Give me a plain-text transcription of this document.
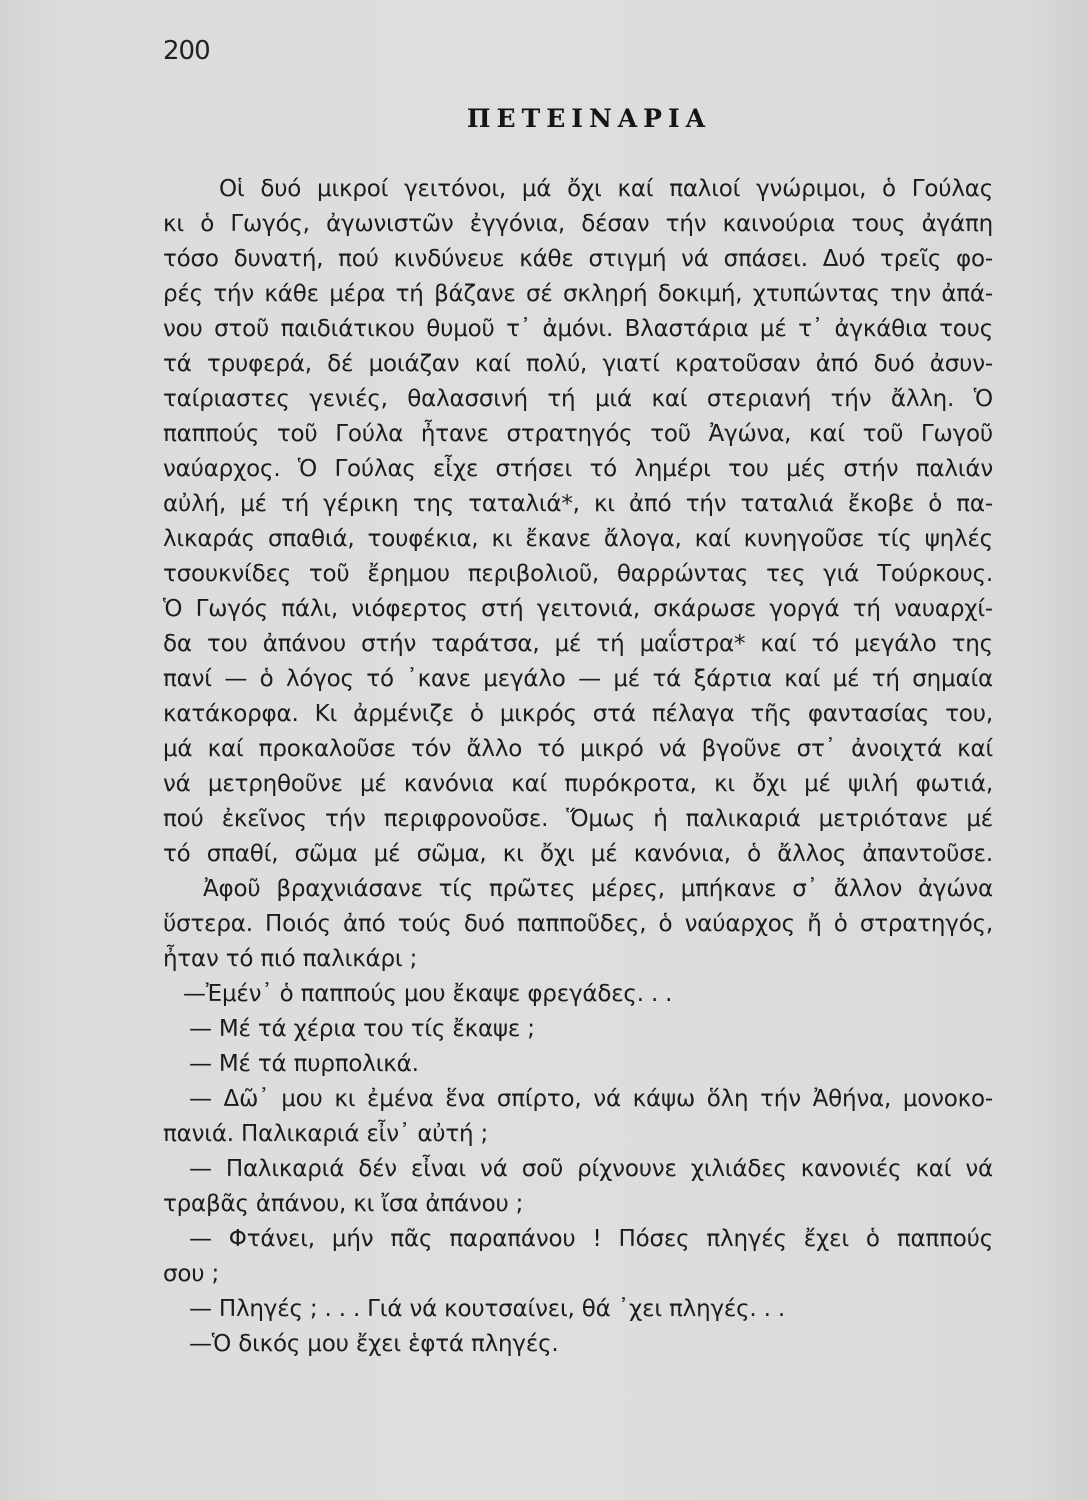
200
ΠΕΤΕΙΝΑΡΙΑ
Οἱ δυό μικροί γειτόνοι, μά ὄχι καί παλιοί γνώριμοι, ὁ Γούλας
κι ὁ Γωγός, ἀγωνιστῶν ἐγγόνια, δέσαν τήν καινούρια τους ἀγάπη
τόσο δυνατή, πού κινδύνευε κάθε στιγμή νά σπάσει. Δυό τρεῖς φο-
ρές τήν κάθε μέρα τή βάζανε σέ σκληρή δοκιμή, χτυπώντας την ἀπά-
νου στοῦ παιδιάτικου θυμοῦ τ᾽ ἀμόνι. Βλαστάρια μέ τ᾽ ἀγκάθια τους
τά τρυφερά, δέ μοιάζαν καί πολύ, γιατί κρατοῦσαν ἀπό δυό ἀσυν-
ταίριαστες γενιές, θαλασσινή τή μιά καί στεριανή τήν ἄλλη. Ὁ
παππούς τοῦ Γούλα ἦτανε στρατηγός τοῦ Ἀγώνα, καί τοῦ Γωγοῦ
ναύαρχος. Ὁ Γούλας εἶχε στήσει τό λημέρι του μές στήν παλιάν
αὐλή, μέ τή γέρικη της ταταλιά*, κι ἀπό τήν ταταλιά ἔκοβε ὁ πα-
λικαράς σπαθιά, τουφέκια, κι ἔκανε ἄλογα, καί κυνηγοῦσε τίς ψηλές
τσουκνίδες τοῦ ἔρημου περιβολιοῦ, θαρρώντας τες γιά Τούρκους.
Ὁ Γωγός πάλι, νιόφερτος στή γειτονιά, σκάρωσε γοργά τή ναυαρχί-
δα του ἀπάνου στήν ταράτσα, μέ τή μαΐστρα* καί τό μεγάλο της
πανί — ὁ λόγος τό ᾽κανε μεγάλο — μέ τά ξάρτια καί μέ τή σημαία
κατάκορφα. Κι ἀρμένιζε ὁ μικρός στά πέλαγα τῆς φαντασίας του,
μά καί προκαλοῦσε τόν ἄλλο τό μικρό νά βγοῦνε στ᾽ ἀνοιχτά καί
νά μετρηθοῦνε μέ κανόνια καί πυρόκροτα, κι ὄχι μέ ψιλή φωτιά,
πού ἐκεῖνος τήν περιφρονοῦσε. Ὅμως ἡ παλικαριά μετριότανε μέ
τό σπαθί, σῶμα μέ σῶμα, κι ὄχι μέ κανόνια, ὁ ἄλλος ἀπαντοῦσε.
Ἀφοῦ βραχνιάσανε τίς πρῶτες μέρες, μπήκανε σ᾽ ἄλλον ἀγώνα
ὕστερα. Ποιός ἀπό τούς δυό παπποῦδες, ὁ ναύαρχος ἤ ὁ στρατηγός,
ἦταν τό πιό παλικάρι ;
—Ἐμέν᾽ ὁ παππούς μου ἔκαψε φρεγάδες. . .
— Μέ τά χέρια του τίς ἔκαψε ;
— Μέ τά πυρπολικά.
— Δῶ᾽ μου κι ἐμένα ἕνα σπίρτο, νά κάψω ὅλη τήν Ἀθήνα, μονοκο-
πανιά. Παλικαριά εἶν᾽ αὐτή ;
— Παλικαριά δέν εἶναι νά σοῦ ρίχνουνε χιλιάδες κανονιές καί νά
τραβᾶς ἀπάνου, κι ἴσα ἀπάνου ;
— Φτάνει, μήν πᾶς παραπάνου ! Πόσες πληγές ἔχει ὁ παππούς
σου ;
— Πληγές ; . . . Γιά νά κουτσαίνει, θά ᾽χει πληγές. . .
—Ὁ δικός μου ἔχει ἑφτά πληγές.
